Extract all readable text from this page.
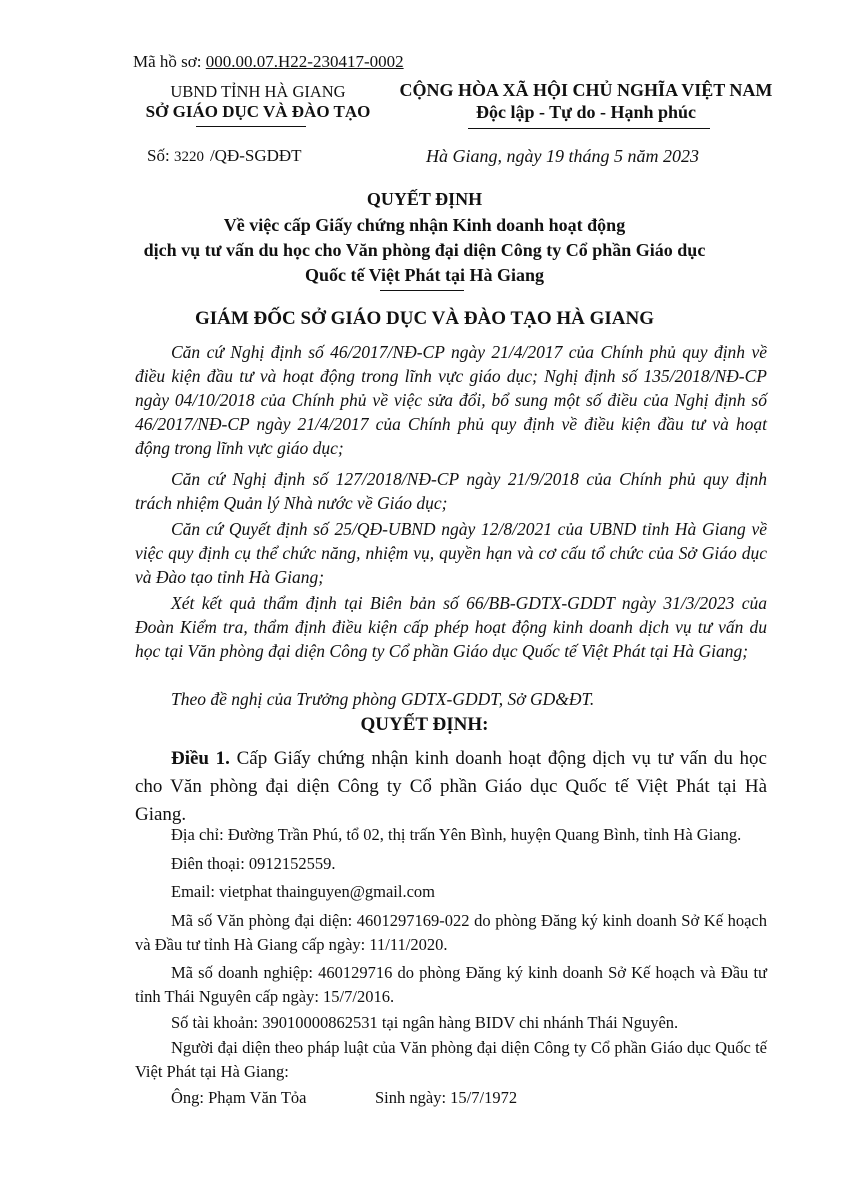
Mã hồ sơ: 000.00.07.H22-230417-0002
UBND TỈNH HÀ GIANG
SỞ GIÁO DỤC VÀ ĐÀO TẠO
CỘNG HÒA XÃ HỘI CHỦ NGHĨA VIỆT NAM
Độc lập - Tự do - Hạnh phúc
Số: 3220 /QĐ-SGDĐT	Hà Giang, ngày 19 tháng 5 năm 2023
QUYẾT ĐỊNH
Về việc cấp Giấy chứng nhận Kinh doanh hoạt động
dịch vụ tư vấn du học cho Văn phòng đại diện Công ty Cổ phần Giáo dục
Quốc tế Việt Phát tại Hà Giang
GIÁM ĐỐC SỞ GIÁO DỤC VÀ ĐÀO TẠO HÀ GIANG
Căn cứ Nghị định số 46/2017/NĐ-CP ngày 21/4/2017 của Chính phủ quy định về điều kiện đầu tư và hoạt động trong lĩnh vực giáo dục; Nghị định số 135/2018/NĐ-CP ngày 04/10/2018 của Chính phủ về việc sửa đổi, bổ sung một số điều của Nghị định số 46/2017/NĐ-CP ngày 21/4/2017 của Chính phủ quy định về điều kiện đầu tư và hoạt động trong lĩnh vực giáo dục;
Căn cứ Nghị định số 127/2018/NĐ-CP ngày 21/9/2018 của Chính phủ quy định trách nhiệm Quản lý Nhà nước về Giáo dục;
Căn cứ Quyết định số 25/QĐ-UBND ngày 12/8/2021 của UBND tỉnh Hà Giang về việc quy định cụ thể chức năng, nhiệm vụ, quyền hạn và cơ cấu tổ chức của Sở Giáo dục và Đào tạo tỉnh Hà Giang;
Xét kết quả thẩm định tại Biên bản số 66/BB-GDTX-GDDT ngày 31/3/2023 của Đoàn Kiểm tra, thẩm định điều kiện cấp phép hoạt động kinh doanh dịch vụ tư vấn du học tại Văn phòng đại diện Công ty Cổ phần Giáo dục Quốc tế Việt Phát tại Hà Giang;
Theo đề nghị của Trưởng phòng GDTX-GDDT, Sở GD&ĐT.
QUYẾT ĐỊNH:
Điều 1. Cấp Giấy chứng nhận kinh doanh hoạt động dịch vụ tư vấn du học cho Văn phòng đại diện Công ty Cổ phần Giáo dục Quốc tế Việt Phát tại Hà Giang.
Địa chỉ: Đường Trần Phú, tổ 02, thị trấn Yên Bình, huyện Quang Bình, tỉnh Hà Giang.
Điên thoại: 0912152559.
Email: vietphat thainguyen@gmail.com
Mã số Văn phòng đại diện: 4601297169-022 do phòng Đăng ký kinh doanh Sở Kế hoạch và Đầu tư tỉnh Hà Giang cấp ngày: 11/11/2020.
Mã số doanh nghiệp: 460129716 do phòng Đăng ký kinh doanh Sở Kế hoạch và Đầu tư tỉnh Thái Nguyên cấp ngày: 15/7/2016.
Số tài khoản: 39010000862531 tại ngân hàng BIDV chi nhánh Thái Nguyên.
Người đại diện theo pháp luật của Văn phòng đại diện Công ty Cổ phần Giáo dục Quốc tế Việt Phát tại Hà Giang:
Ông: Phạm Văn Tỏa	Sinh ngày: 15/7/1972
